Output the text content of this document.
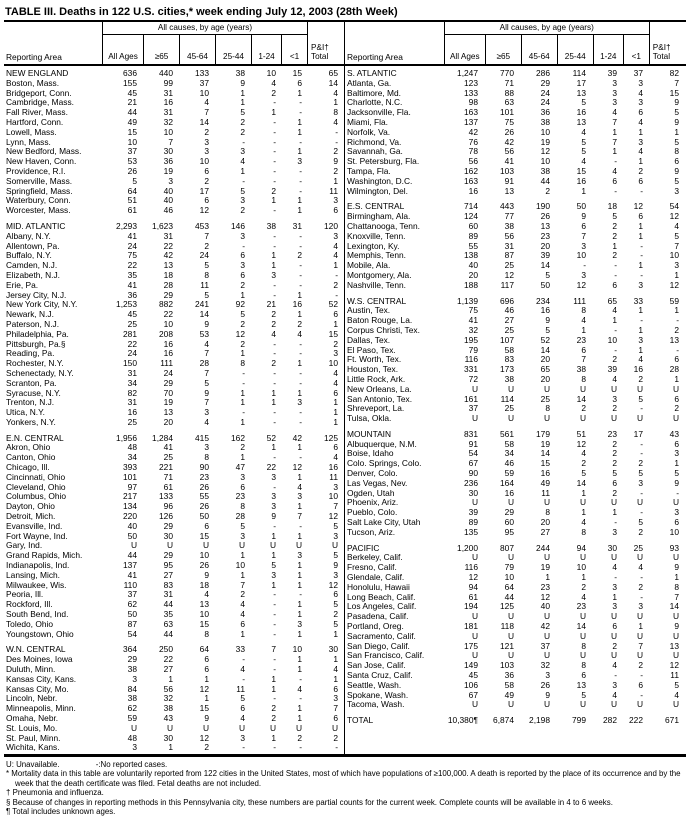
TABLE III. Deaths in 122 U.S. cities,* week ending July 12, 2003 (28th Week)
Reporting Area
All causes, by age (years)
All Ages	≥65	45-64	25-44	1-24	<1
P&I†
Total
NEW ENGLAND	636	440	133	38	10	15	65
Boston, Mass.	155	99	37	9	4	6	14
Bridgeport, Conn.	45	31	10	1	2	1	4
Cambridge, Mass.	21	16	4	1	-	-	1
Fall River, Mass.	44	31	7	5	1	-	8
Hartford, Conn.	49	32	14	2	-	1	4
Lowell, Mass.	15	10	2	2	-	1	-
Lynn, Mass.	10	7	3	-	-	-	-
New Bedford, Mass.	37	30	3	3	-	1	2
New Haven, Conn.	53	36	10	4	-	3	9
Providence, R.I.	26	19	6	1	-	-	2
Somerville, Mass.	5	3	2	-	-	-	1
Springfield, Mass.	64	40	17	5	2	-	11
Waterbury, Conn.	51	40	6	3	1	1	3
Worcester, Mass.	61	46	12	2	-	1	6
MID. ATLANTIC	2,293	1,623	453	146	38	31	120
Albany, N.Y.	41	31	7	3	-	-	3
Allentown, Pa.	24	22	2	-	-	-	4
Buffalo, N.Y.	75	42	24	6	1	2	4
Camden, N.J.	22	13	5	3	1	-	1
Elizabeth, N.J.	35	18	8	6	3	-	-
Erie, Pa.	41	28	11	2	-	-	2
Jersey City, N.J.	36	29	5	1	-	1	-
New York City, N.Y.	1,253	882	241	92	21	16	52
Newark, N.J.	45	22	14	5	2	1	6
Paterson, N.J.	25	10	9	2	2	2	1
Philadelphia, Pa.	281	208	53	12	4	4	15
Pittsburgh, Pa.§	22	16	4	2	-	-	2
Reading, Pa.	24	16	7	1	-	-	3
Rochester, N.Y.	150	111	28	8	2	1	10
Schenectady, N.Y.	31	24	7	-	-	-	4
Scranton, Pa.	34	29	5	-	-	-	4
Syracuse, N.Y.	82	70	9	1	1	1	6
Trenton, N.J.	31	19	7	1	1	3	1
Utica, N.Y.	16	13	3	-	-	-	1
Yonkers, N.Y.	25	20	4	1	-	-	1
E.N. CENTRAL	1,956	1,284	415	162	52	42	125
Akron, Ohio	48	41	3	2	1	1	6
Canton, Ohio	34	25	8	1	-	-	4
Chicago, Ill.	393	221	90	47	22	12	16
Cincinnati, Ohio	101	71	23	3	3	1	11
Cleveland, Ohio	97	61	26	6	-	4	3
Columbus, Ohio	217	133	55	23	3	3	10
Dayton, Ohio	134	96	26	8	3	1	7
Detroit, Mich.	220	126	50	28	9	7	12
Evansville, Ind.	40	29	6	5	-	-	5
Fort Wayne, Ind.	50	30	15	3	1	1	3
Gary, Ind.	U	U	U	U	U	U	U
Grand Rapids, Mich.	44	29	10	1	1	3	5
Indianapolis, Ind.	137	95	26	10	5	1	9
Lansing, Mich.	41	27	9	1	3	1	3
Milwaukee, Wis.	110	83	18	7	1	1	12
Peoria, Ill.	37	31	4	2	-	-	6
Rockford, Ill.	62	44	13	4	-	1	5
South Bend, Ind.	50	35	10	4	-	1	2
Toledo, Ohio	87	63	15	6	-	3	5
Youngstown, Ohio	54	44	8	1	-	1	1
W.N. CENTRAL	364	250	64	33	7	10	30
Des Moines, Iowa	29	22	6	-	-	1	1
Duluth, Minn.	38	27	6	4	-	1	4
Kansas City, Kans.	3	1	1	-	1	-	1
Kansas City, Mo.	84	56	12	11	1	4	6
Lincoln, Nebr.	38	32	1	5	-	-	3
Minneapolis, Minn.	62	38	15	6	2	1	7
Omaha, Nebr.	59	43	9	4	2	1	6
St. Louis, Mo.	U	U	U	U	U	U	U
St. Paul, Minn.	48	30	12	3	1	2	2
Wichita, Kans.	3	1	2	-	-	-	-
Reporting Area
All causes, by age (years)
All Ages	≥65	45-64	25-44	1-24	<1
P&I†
Total
S. ATLANTIC	1,247	770	286	114	39	37	82
Atlanta, Ga.	123	71	29	17	3	3	7
Baltimore, Md.	133	88	24	13	3	4	15
Charlotte, N.C.	98	63	24	5	3	3	9
Jacksonville, Fla.	163	101	36	16	4	6	5
Miami, Fla.	137	75	38	13	7	4	9
Norfolk, Va.	42	26	10	4	1	1	1
Richmond, Va.	76	42	19	5	7	3	5
Savannah, Ga.	78	56	12	5	1	4	8
St. Petersburg, Fla.	56	41	10	4	-	1	6
Tampa, Fla.	162	103	38	15	4	2	9
Washington, D.C.	163	91	44	16	6	6	5
Wilmington, Del.	16	13	2	1	-	-	3
E.S. CENTRAL	714	443	190	50	18	12	54
Birmingham, Ala.	124	77	26	9	5	6	12
Chattanooga, Tenn.	60	38	13	6	2	1	4
Knoxville, Tenn.	89	56	23	7	2	1	5
Lexington, Ky.	55	31	20	3	1	-	7
Memphis, Tenn.	138	87	39	10	2	-	10
Mobile, Ala.	40	25	14	-	-	1	3
Montgomery, Ala.	20	12	5	3	-	-	1
Nashville, Tenn.	188	117	50	12	6	3	12
W.S. CENTRAL	1,139	696	234	111	65	33	59
Austin, Tex.	75	46	16	8	4	1	1
Baton Rouge, La.	41	27	9	4	1	-	-
Corpus Christi, Tex.	32	25	5	1	-	1	2
Dallas, Tex.	195	107	52	23	10	3	13
El Paso, Tex.	79	58	14	6	-	1	-
Ft. Worth, Tex.	116	83	20	7	2	4	6
Houston, Tex.	331	173	65	38	39	16	28
Little Rock, Ark.	72	38	20	8	4	2	1
New Orleans, La.	U	U	U	U	U	U	U
San Antonio, Tex.	161	114	25	14	3	5	6
Shreveport, La.	37	25	8	2	2	-	2
Tulsa, Okla.	U	U	U	U	U	U	U
MOUNTAIN	831	561	179	51	23	17	43
Albuquerque, N.M.	91	58	19	12	2	-	6
Boise, Idaho	54	34	14	4	2	-	3
Colo. Springs, Colo.	67	46	15	2	2	2	1
Denver, Colo.	90	59	16	5	5	5	5
Las Vegas, Nev.	236	164	49	14	6	3	9
Ogden, Utah	30	16	11	1	2	-	-
Phoenix, Ariz.	U	U	U	U	U	U	U
Pueblo, Colo.	39	29	8	1	1	-	3
Salt Lake City, Utah	89	60	20	4	-	5	6
Tucson, Ariz.	135	95	27	8	3	2	10
PACIFIC	1,200	807	244	94	30	25	93
Berkeley, Calif.	U	U	U	U	U	U	U
Fresno, Calif.	116	79	19	10	4	4	9
Glendale, Calif.	12	10	1	1	-	-	1
Honolulu, Hawaii	94	64	23	2	3	2	8
Long Beach, Calif.	61	44	12	4	1	-	7
Los Angeles, Calif.	194	125	40	23	3	3	14
Pasadena, Calif.	U	U	U	U	U	U	U
Portland, Oreg.	181	118	42	14	6	1	9
Sacramento, Calif.	U	U	U	U	U	U	U
San Diego, Calif.	175	121	37	8	2	7	13
San Francisco, Calif.	U	U	U	U	U	U	U
San Jose, Calif.	149	103	32	8	4	2	12
Santa Cruz, Calif.	45	36	3	6	-	-	11
Seattle, Wash.	106	58	26	13	3	6	5
Spokane, Wash.	67	49	9	5	4	-	4
Tacoma, Wash.	U	U	U	U	U	U	U
TOTAL	10,380¶	6,874	2,198	799	282	222	671
U: Unavailable.	-:No reported cases.
* Mortality data in this table are voluntarily reported from 122 cities in the United States, most of which have populations of ≥100,000. A death is reported by the place of its occurrence and by the week that the death certificate was filed. Fetal deaths are not included.
† Pneumonia and influenza.
§ Because of changes in reporting methods in this Pennsylvania city, these numbers are partial counts for the current week. Complete counts will be available in 4 to 6 weeks.
¶ Total includes unknown ages.
